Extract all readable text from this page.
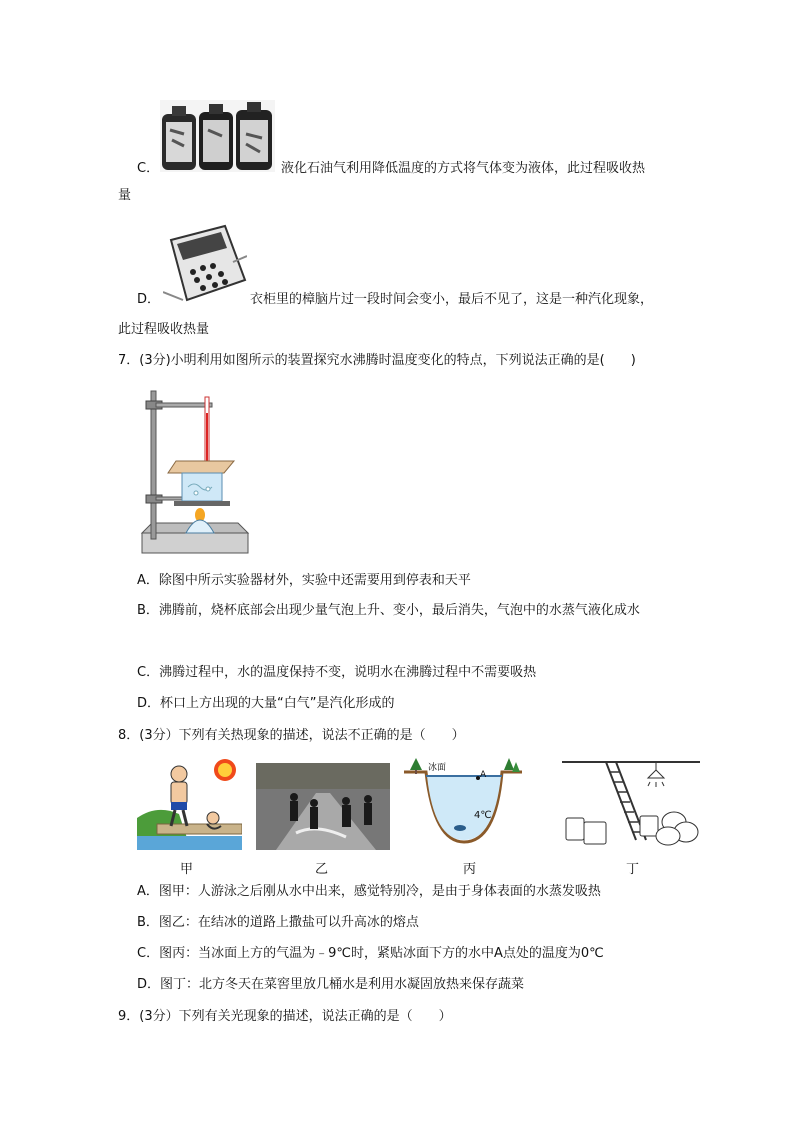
C．	液化石油气利用降低温度的方式将气体变为液体，此过程吸收热
量
D．	衣柜里的樟脑片过一段时间会变小，最后不见了，这是一种汽化现象，
此过程吸收热量
7．(3分)小明利用如图所示的装置探究水沸腾时温度变化的特点，下列说法正确的是(　　)
A．除图中所示实验器材外，实验中还需要用到停表和天平
B．沸腾前，烧杯底部会出现少量气泡上升、变小，最后消失，气泡中的水蒸气液化成水
C．沸腾过程中，水的温度保持不变，说明水在沸腾过程中不需要吸热
D．杯口上方出现的大量“白气”是汽化形成的
8．(3分）下列有关热现象的描述，说法不正确的是（　　）
冰面
A
4℃
甲	乙	丙	丁
A．图甲：人游泳之后刚从水中出来，感觉特别冷，是由于身体表面的水蒸发吸热
B．图乙：在结冰的道路上撒盐可以升高冰的熔点
C．图丙：当冰面上方的气温为﹣9℃时，紧贴冰面下方的水中A点处的温度为0℃
D．图丁：北方冬天在菜窖里放几桶水是利用水凝固放热来保存蔬菜
9．(3分）下列有关光现象的描述，说法正确的是（　　）
